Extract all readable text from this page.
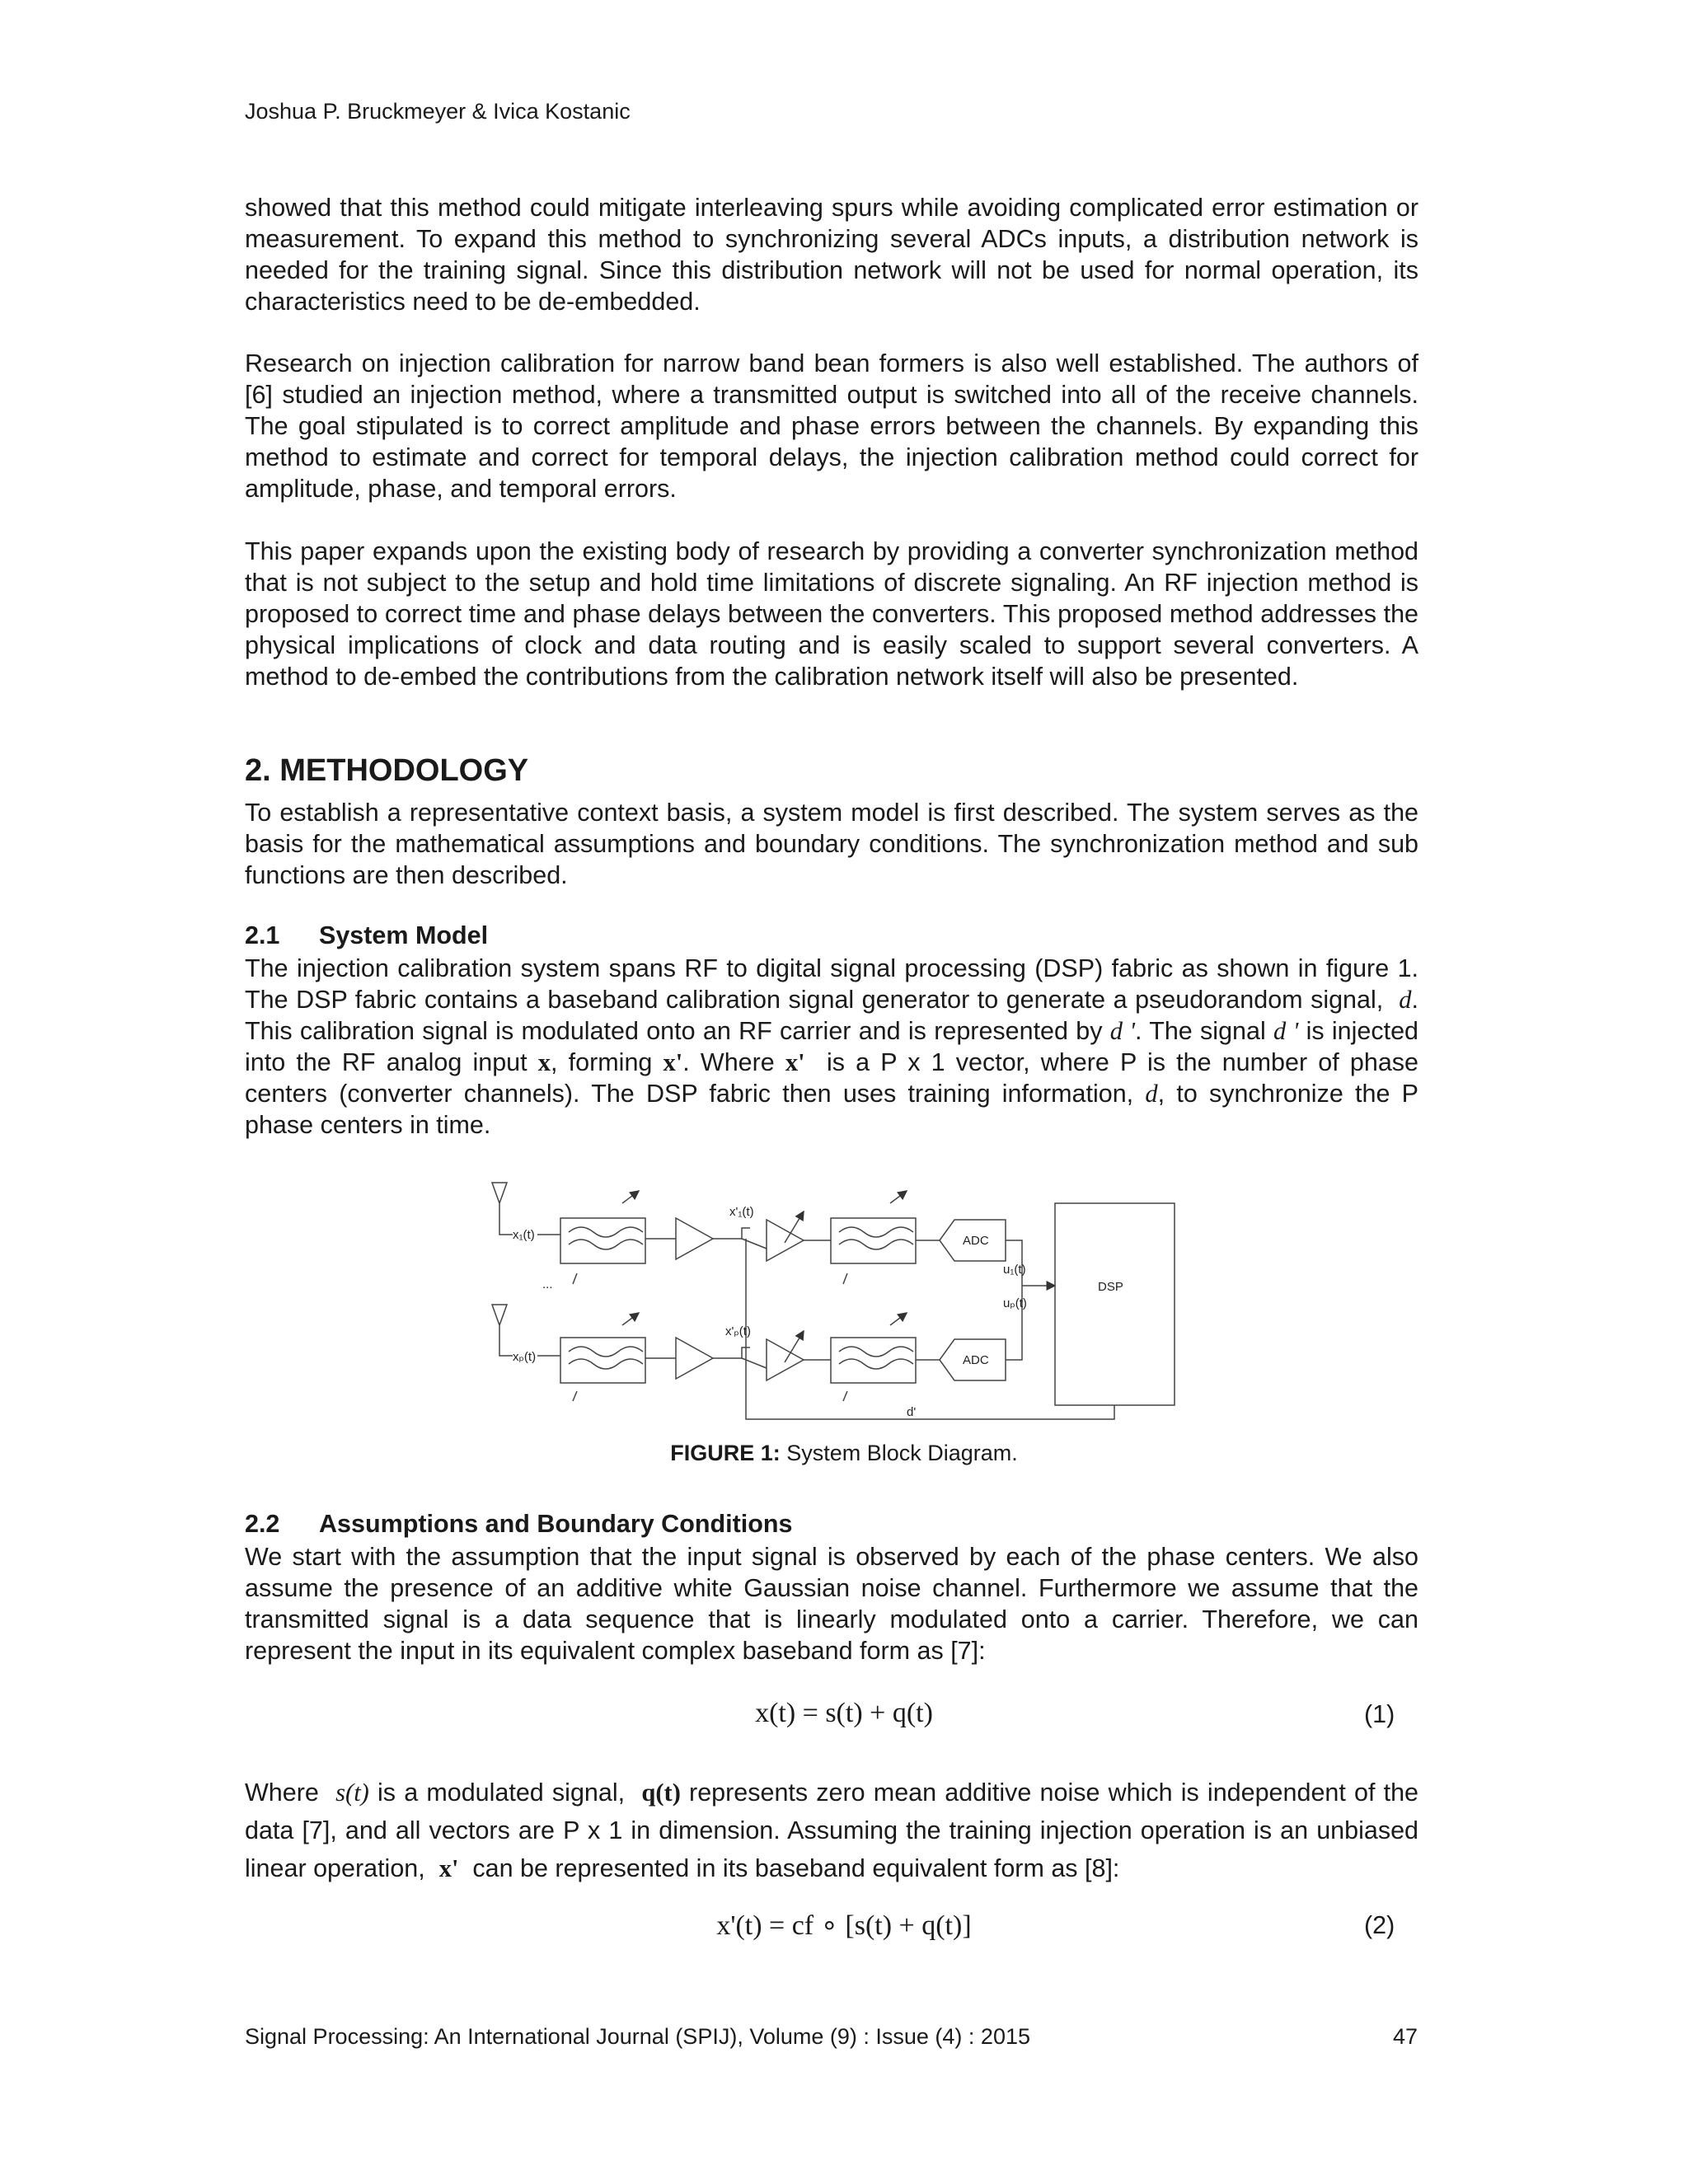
Joshua P. Bruckmeyer & Ivica Kostanic

showed that this method could mitigate interleaving spurs while avoiding complicated error estimation or measurement. To expand this method to synchronizing several ADCs inputs, a distribution network is needed for the training signal. Since this distribution network will not be used for normal operation, its characteristics need to be de-embedded.

Research on injection calibration for narrow band bean formers is also well established. The authors of [6] studied an injection method, where a transmitted output is switched into all of the receive channels. The goal stipulated is to correct amplitude and phase errors between the channels. By expanding this method to estimate and correct for temporal delays, the injection calibration method could correct for amplitude, phase, and temporal errors.

This paper expands upon the existing body of research by providing a converter synchronization method that is not subject to the setup and hold time limitations of discrete signaling. An RF injection method is proposed to correct time and phase delays between the converters. This proposed method addresses the physical implications of clock and data routing and is easily scaled to support several converters. A method to de-embed the contributions from the calibration network itself will also be presented.

2. METHODOLOGY

To establish a representative context basis, a system model is first described. The system serves as the basis for the mathematical assumptions and boundary conditions. The synchronization method and sub functions are then described.

2.1 System Model

The injection calibration system spans RF to digital signal processing (DSP) fabric as shown in figure 1. The DSP fabric contains a baseband calibration signal generator to generate a pseudorandom signal, d. This calibration signal is modulated onto an RF carrier and is represented by d '. The signal d ' is injected into the RF analog input x, forming x'. Where x' is a P x 1 vector, where P is the number of phase centers (converter channels). The DSP fabric then uses training information, d, to synchronize the P phase centers in time.

x₁(t)
xₚ(t)
x'₁(t)
x'ₚ(t)
ADC
ADC
u₁(t)
uₚ(t)
DSP
d'
...
FIGURE 1: System Block Diagram.
2.2 Assumptions and Boundary Conditions

We start with the assumption that the input signal is observed by each of the phase centers. We also assume the presence of an additive white Gaussian noise channel. Furthermore we assume that the transmitted signal is a data sequence that is linearly modulated onto a carrier. Therefore, we can represent the input in its equivalent complex baseband form as [7]:

x(t) = s(t) + q(t)	(1)

Where s(t) is a modulated signal, q(t) represents zero mean additive noise which is independent of the data [7], and all vectors are P x 1 in dimension. Assuming the training injection operation is an unbiased linear operation, x' can be represented in its baseband equivalent form as [8]:

x'(t) = cf ∘ [s(t) + q(t)]	(2)
Signal Processing: An International Journal (SPIJ), Volume (9) : Issue (4) : 2015	47
